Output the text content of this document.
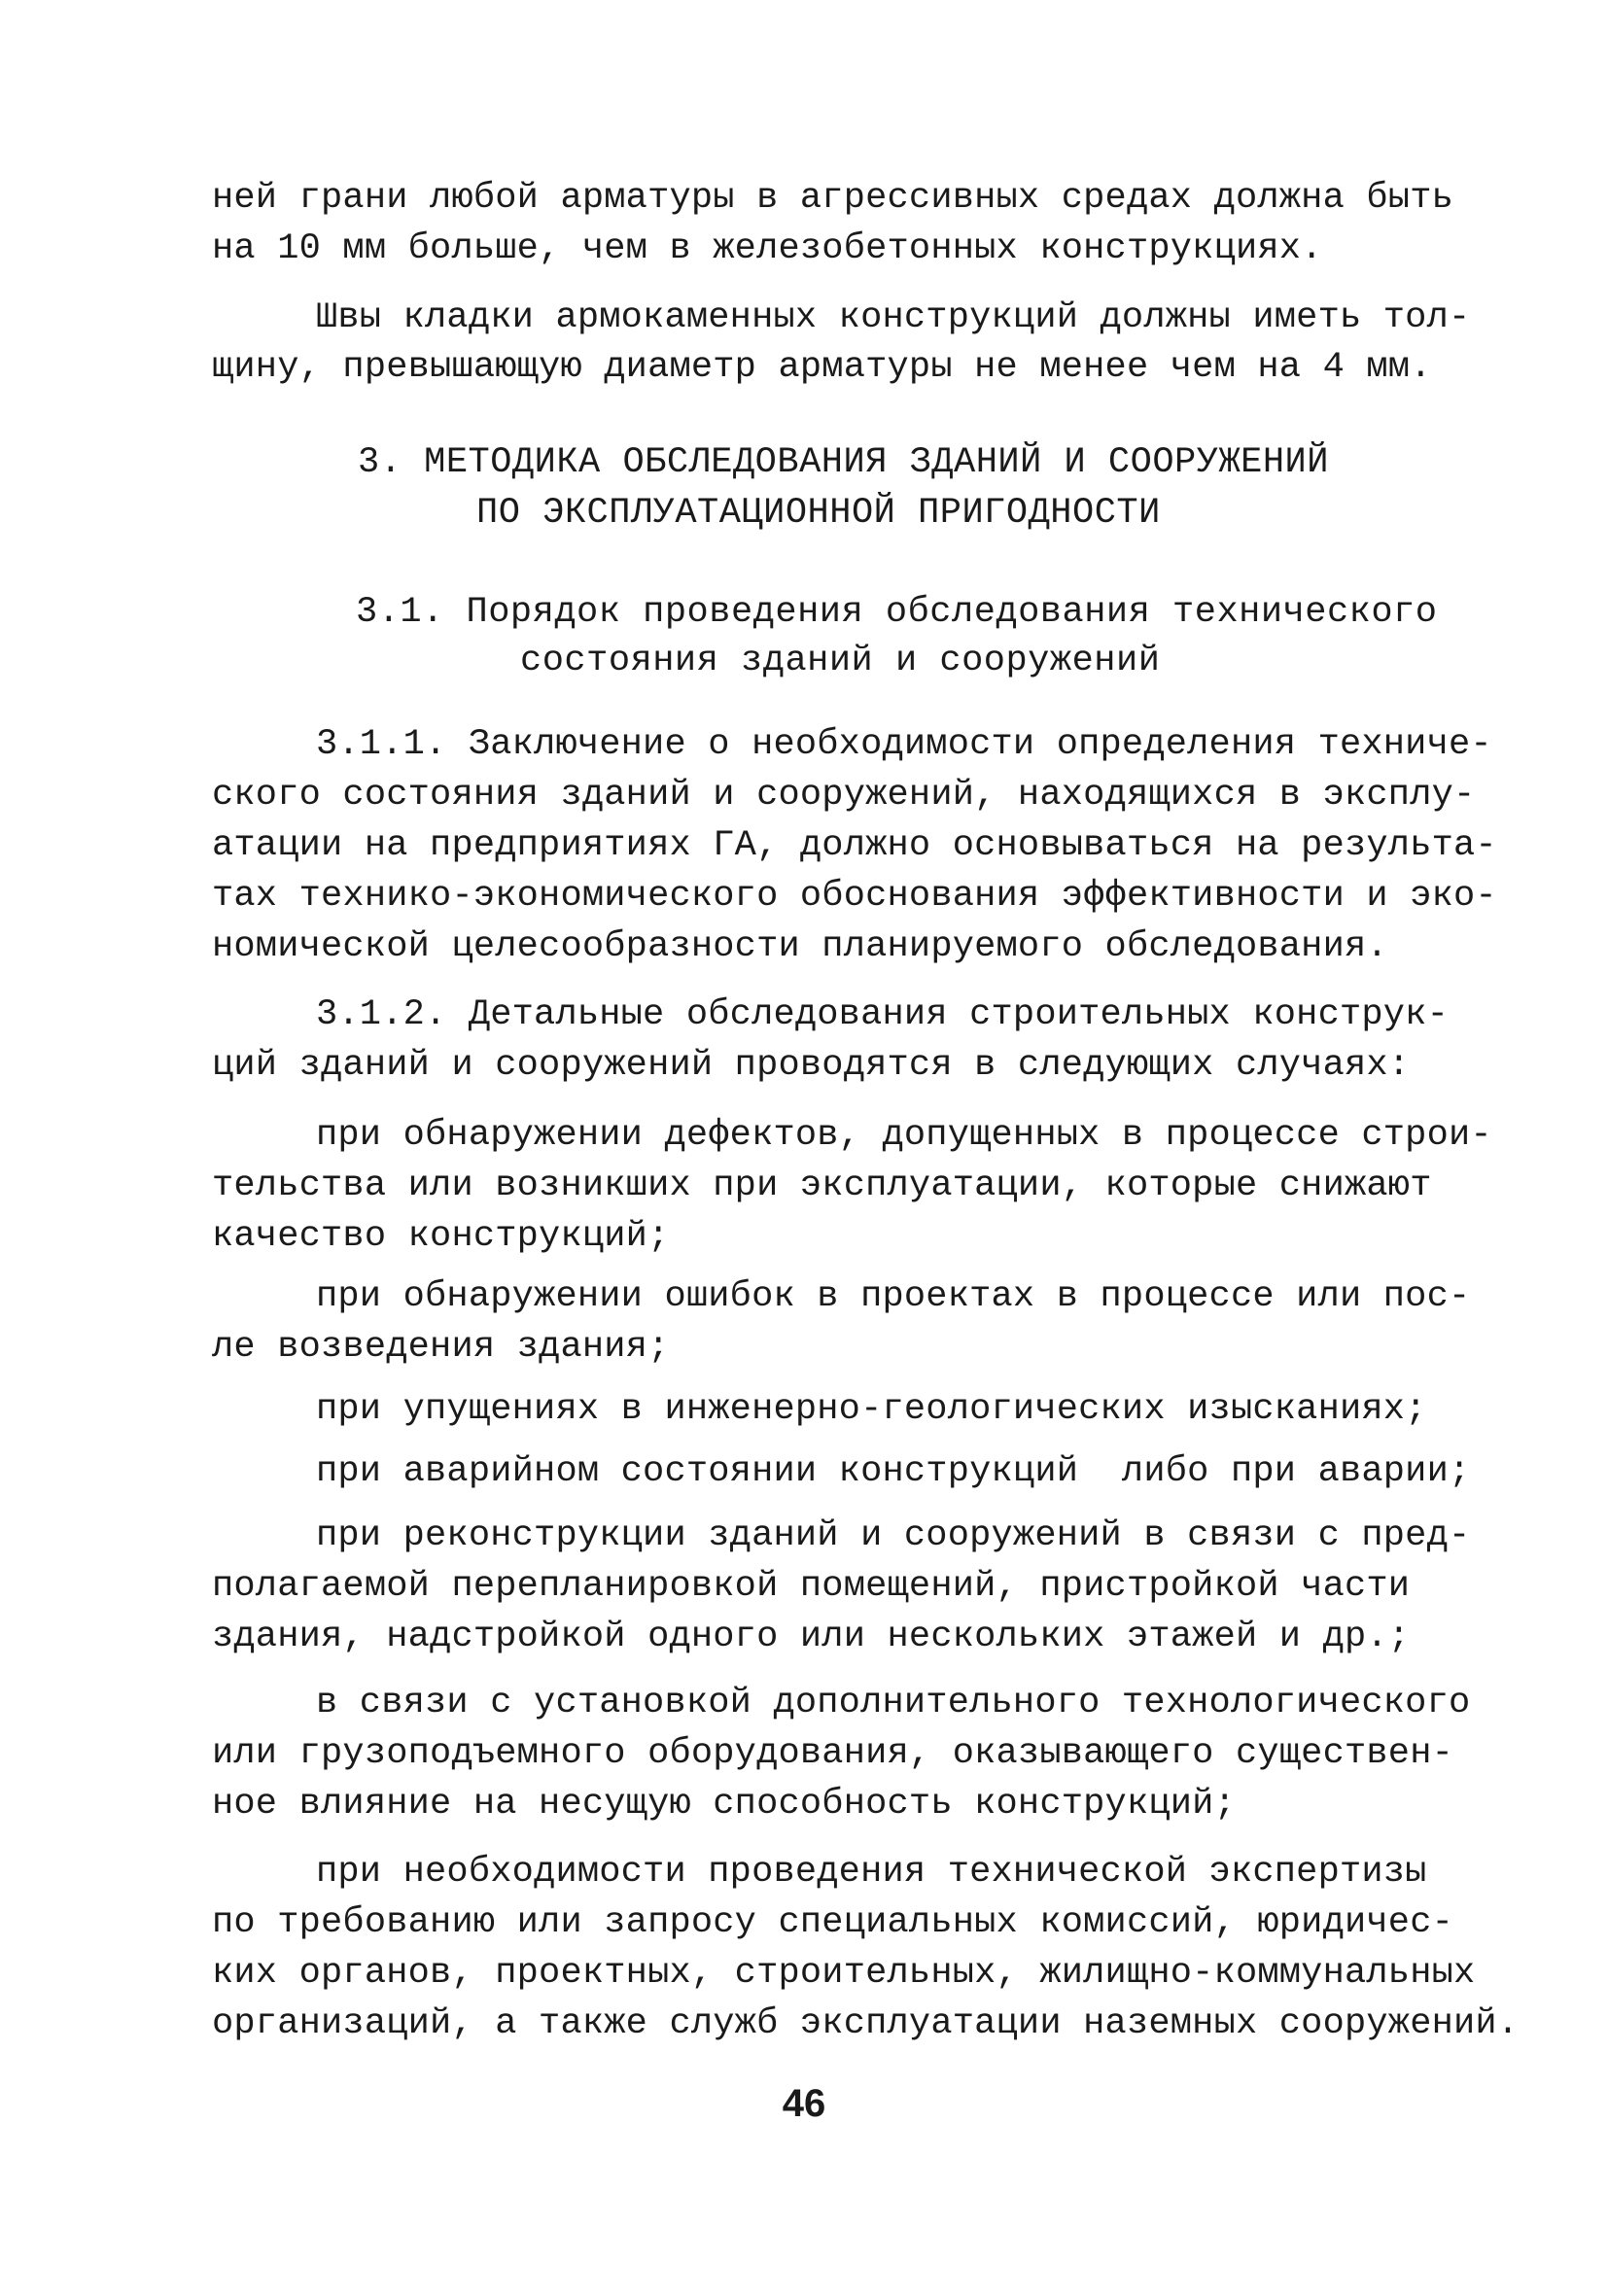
ней грани любой арматуры в агрессивных средах должна быть
на 10 мм больше, чем в железобетонных конструкциях.
Швы кладки армокаменных конструкций должны иметь тол-
щину, превышающую диаметр арматуры не менее чем на 4 мм.
3. МЕТОДИКА ОБСЛЕДОВАНИЯ ЗДАНИЙ И СООРУЖЕНИЙ
ПО ЭКСПЛУАТАЦИОННОЙ ПРИГОДНОСТИ
3.1. Порядок проведения обследования технического
состояния зданий и сооружений
3.1.1. Заключение о необходимости определения техниче-
ского состояния зданий и сооружений, находящихся в эксплу-
атации на предприятиях ГА, должно основываться на результа-
тах технико-экономического обоснования эффективности и эко-
номической целесообразности планируемого обследования.
3.1.2. Детальные обследования строительных конструк-
ций зданий и сооружений проводятся в следующих случаях:
при обнаружении дефектов, допущенных в процессе строи-
тельства или возникших при эксплуатации, которые снижают
качество конструкций;
при обнаружении ошибок в проектах в процессе или пос-
ле возведения здания;
при упущениях в инженерно-геологических изысканиях;
при аварийном состоянии конструкций  либо при аварии;
при реконструкции зданий и сооружений в связи с пред-
полагаемой перепланировкой помещений, пристройкой части
здания, надстройкой одного или нескольких этажей и др.;
в связи с установкой дополнительного технологического
или грузоподъемного оборудования, оказывающего существен-
ное влияние на несущую способность конструкций;
при необходимости проведения технической экспертизы
по требованию или запросу специальных комиссий, юридичес-
ких органов, проектных, строительных, жилищно-коммунальных
организаций, а также служб эксплуатации наземных сооружений.
46
